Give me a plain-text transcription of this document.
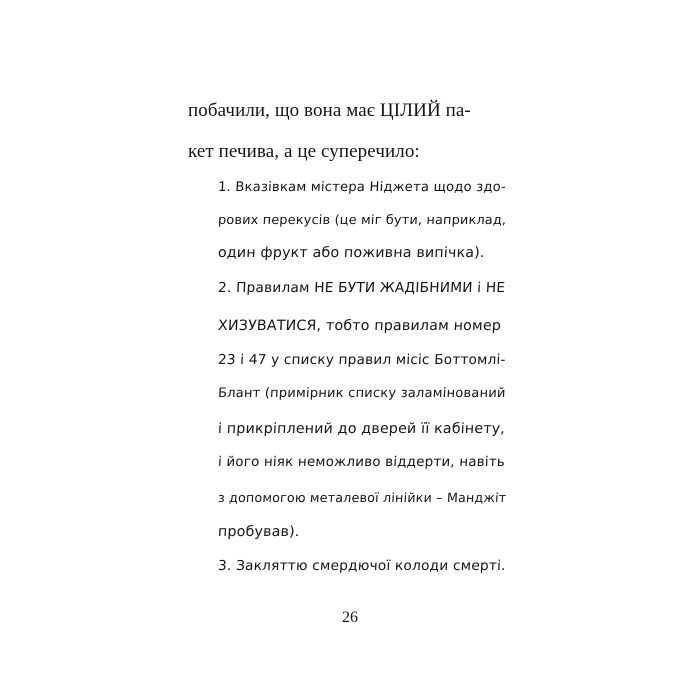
побачили, що вона має ЦІЛИЙ па-
кет печива, а це суперечило:
1. Вказівкам містера Ніджета щодо здо-
рових перекусів (це міг бути, наприклад,
один фрукт або поживна випічка).
2. Правилам НЕ БУТИ ЖАДІБНИМИ і НЕ
ХИЗУВАТИСЯ, тобто правилам номер
23 і 47 у списку правил місіс Боттомлі-
Блант (примірник списку заламінований
і прикріплений до дверей її кабінету,
і його ніяк неможливо віддерти, навіть
з допомогою металевої лінійки – Манджіт
пробував).
3. Закляттю смердючої колоди смерті.
26
